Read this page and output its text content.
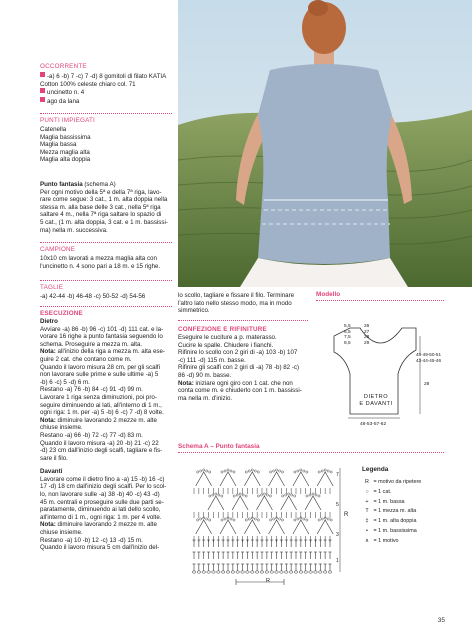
OCCORRENTE

-a) 6 -b) 7 -c) 7 -d) 8 gomitoli di filato KATIA

Cotton 100% celeste chiaro col. 71

uncinetto n. 4

ago da lana

PUNTI IMPIEGATI

Catenella

Maglia bassissima

Maglia bassa

Mezza maglia alta

Maglia alta doppia

Punto fantasia (schema A)

Per ogni motivo della 5ª e della 7ª riga, lavo-

rare come segue: 3 cat., 1 m. alta doppia nella

stessa m. alla base delle 3 cat., nella 5ª riga

saltare 4 m., nella 7ª riga saltare lo spazio di

5 cat., (1 m. alta doppia, 3 cat. e 1 m. bassissi-

ma) nella m. successiva.

CAMPIONE

10x10 cm lavorati a mezza maglia alta con

l'uncinetto n. 4 sono pari a 18 m. e 15 righe.

TAGLIE
-a) 42-44 -b) 46-48 -c) 50-52 -d) 54-56
ESECUZIONE
Dietro

Avviare -a) 86 -b) 96 -c) 101 -d) 111 cat. e la-

vorare 16 righe a punto fantasia seguendo lo

schema. Proseguire a mezza m. alta.

Nota: all'inizio della riga a mezza m. alta ese-

guire 2 cat. che contano come m.

Quando il lavoro misura 28 cm, per gli scalfi

non lavorare sulle prime e sulle ultime -a) 5

-b) 6 -c) 5 -d) 6 m.

Restano -a) 76 -b) 84 -c) 91 -d) 99 m.

Lavorare 1 riga senza diminuzioni, poi pro-

seguire diminuendo ai lati, all'interno di 1 m.,

ogni riga: 1 m. per -a) 5 -b) 6 -c) 7 -d) 8 volte.

Nota: diminuire lavorando 2 mezze m. alte

chiuse insieme.

Restano -a) 66 -b) 72 -c) 77 -d) 83 m.

Quando il lavoro misura -a) 20 -b) 21 -c) 22

-d) 23 cm dall'inizio degli scalfi, tagliare e fis-

sare il filo.

Davanti

Lavorare come il dietro fino a -a) 15 -b) 16 -c)

17 -d) 18 cm dall'inizio degli scalfi. Per lo scol-

lo, non lavorare sulle -a) 38 -b) 40 -c) 43 -d)

45 m. centrali e proseguire sulle due parti se-

paratamente, diminuendo ai lati dello scollo,

all'interno di 1 m., ogni riga: 1 m. per 4 volte.

Nota: diminuire lavorando 2 mezze m. alte

chiuse insieme.

Restano -a) 10 -b) 12 -c) 13 -d) 15 m.

Quando il lavoro misura 5 cm dall'inizio del-

lo scollo, tagliare e fissare il filo. Terminare

l'altro lato nello stesso modo, ma in modo

simmetrico.

CONFEZIONE E RIFINITURE

Eseguire le cuciture a p. materasso.

Cucire le spalle. Chiudere i fianchi.

Rifinire lo scollo con 2 giri di -a) 103 -b) 107

-c) 111 -d) 115 m. basse.

Rifinire gli scalfi con 2 giri di -a) 78 -b) 82 -c)

86 -d) 90 m. basse.

Nota: iniziare ogni giro con 1 cat. che non

conta come m. e chiuderlo con 1 m. bassissi-

ma nella m. d'inizio.

Modello
5,5
6,5
7,5
8,5
26
27
28
29
48-49-50-51
43-44-45-46
28
DIETRO
E DAVANTI
48-53-57-62
Schema A – Punto fantasia
7
5
3
1
R
R
Legenda
R = motivo da ripetere
○ = 1 cat.
+ = 1 m. bassa
T = 1 mezza m. alta
‡ = 1 m. alta doppia
• = 1 m. bassissima
∧ = 1 motivo
35
